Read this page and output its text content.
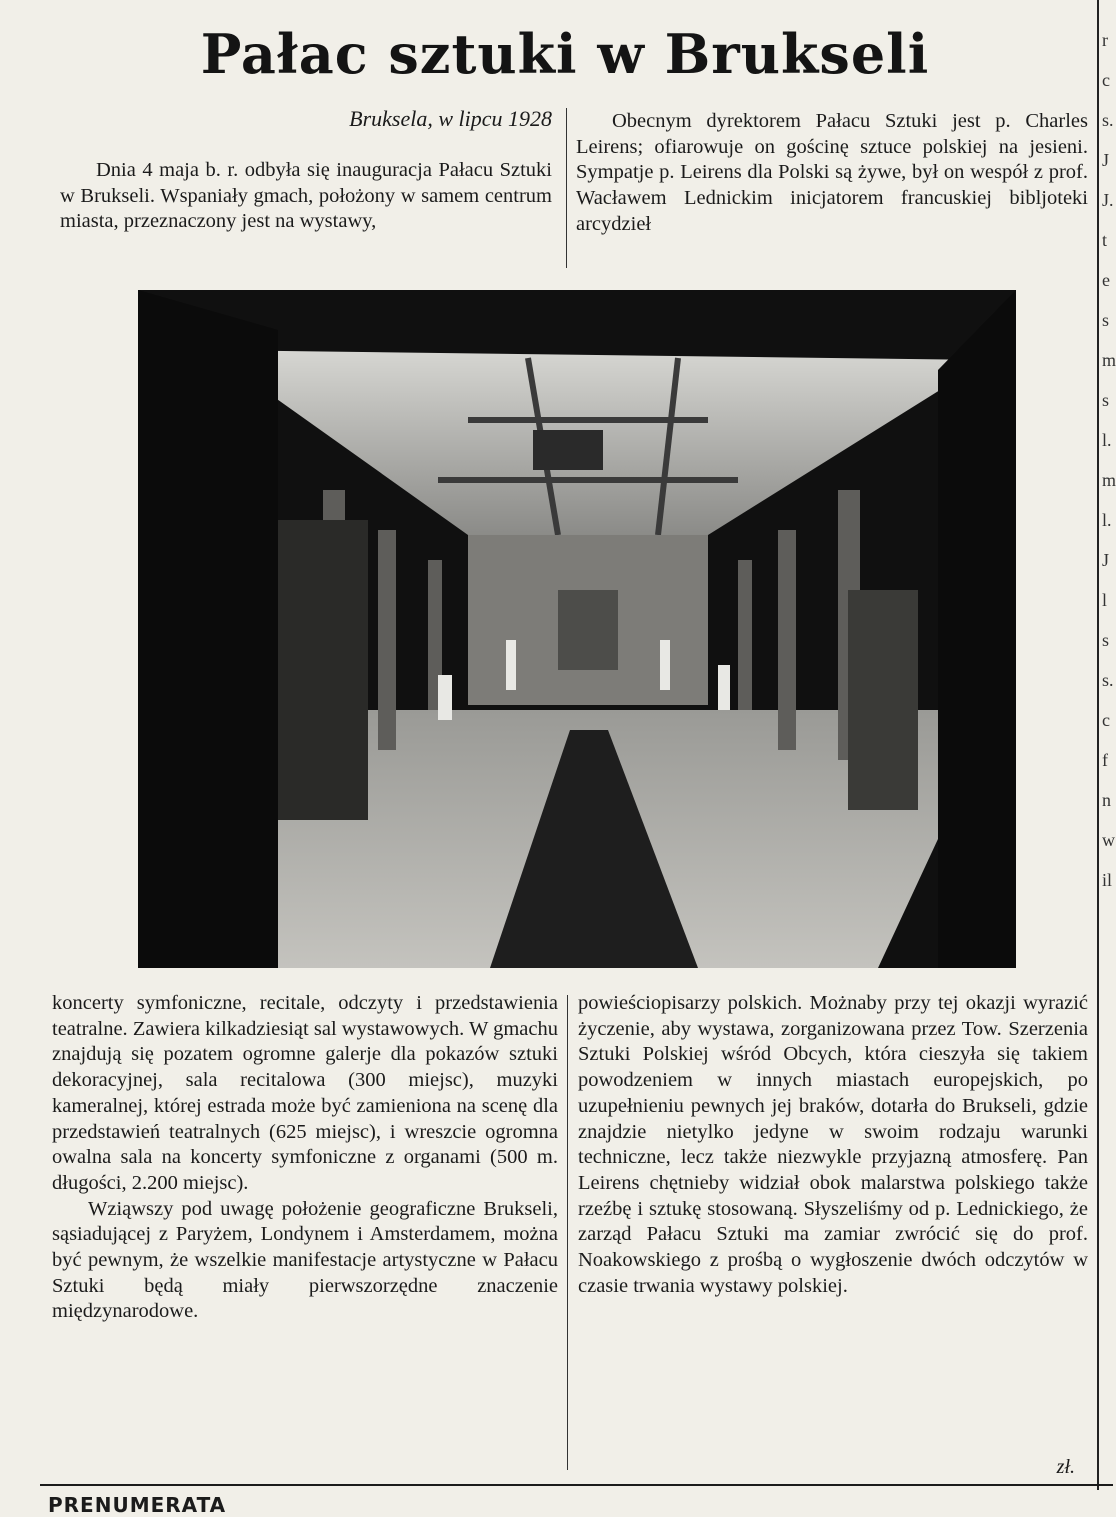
Pałac sztuki w Brukseli
Bruksela, w lipcu 1928

Dnia 4 maja b. r. odbyła się inauguracja Pałacu Sztuki w Brukseli. Wspaniały gmach, położony w samem centrum miasta, przeznaczony jest na wystawy,

Obecnym dyrektorem Pałacu Sztuki jest p. Charles Leirens; ofiarowuje on gościnę sztuce polskiej na jesieni. Sympatje p. Leirens dla Polski są żywe, był on wespół z prof. Wacławem Lednickim inicjatorem francuskiej bibljoteki arcydzieł

koncerty symfoniczne, recitale, odczyty i przedstawienia teatralne. Zawiera kilkadziesiąt sal wystawowych. W gmachu znajdują się pozatem ogromne galerje dla pokazów sztuki dekoracyjnej, sala recitalowa (300 miejsc), muzyki kameralnej, której estrada może być zamieniona na scenę dla przedstawień teatralnych (625 miejsc), i wreszcie ogromna owalna sala na koncerty symfoniczne z organami (500 m. długości, 2.200 miejsc).

Wziąwszy pod uwagę położenie geograficzne Brukseli, sąsiadującej z Paryżem, Londynem i Amsterdamem, można być pewnym, że wszelkie manifestacje artystyczne w Pałacu Sztuki będą miały pierwszorzędne znaczenie międzynarodowe.

powieściopisarzy polskich. Możnaby przy tej okazji wyrazić życzenie, aby wystawa, zorganizowana przez Tow. Szerzenia Sztuki Polskiej wśród Obcych, która cieszyła się takiem powodzeniem w innych miastach europejskich, po uzupełnieniu pewnych jej braków, dotarła do Brukseli, gdzie znajdzie nietylko jedyne w swoim rodzaju warunki techniczne, lecz także niezwykle przyjazną atmosferę. Pan Leirens chętnieby widział obok malarstwa polskiego także rzeźbę i sztukę stosowaną. Słyszeliśmy od p. Lednickiego, że zarząd Pałacu Sztuki ma zamiar zwrócić się do prof. Noakowskiego z prośbą o wygłoszenie dwóch odczytów w czasie trwania wystawy polskiej.

zł.
rcs.JJ.tesmsl.ml.Jlss.cfnwil
PRENUMERATA
